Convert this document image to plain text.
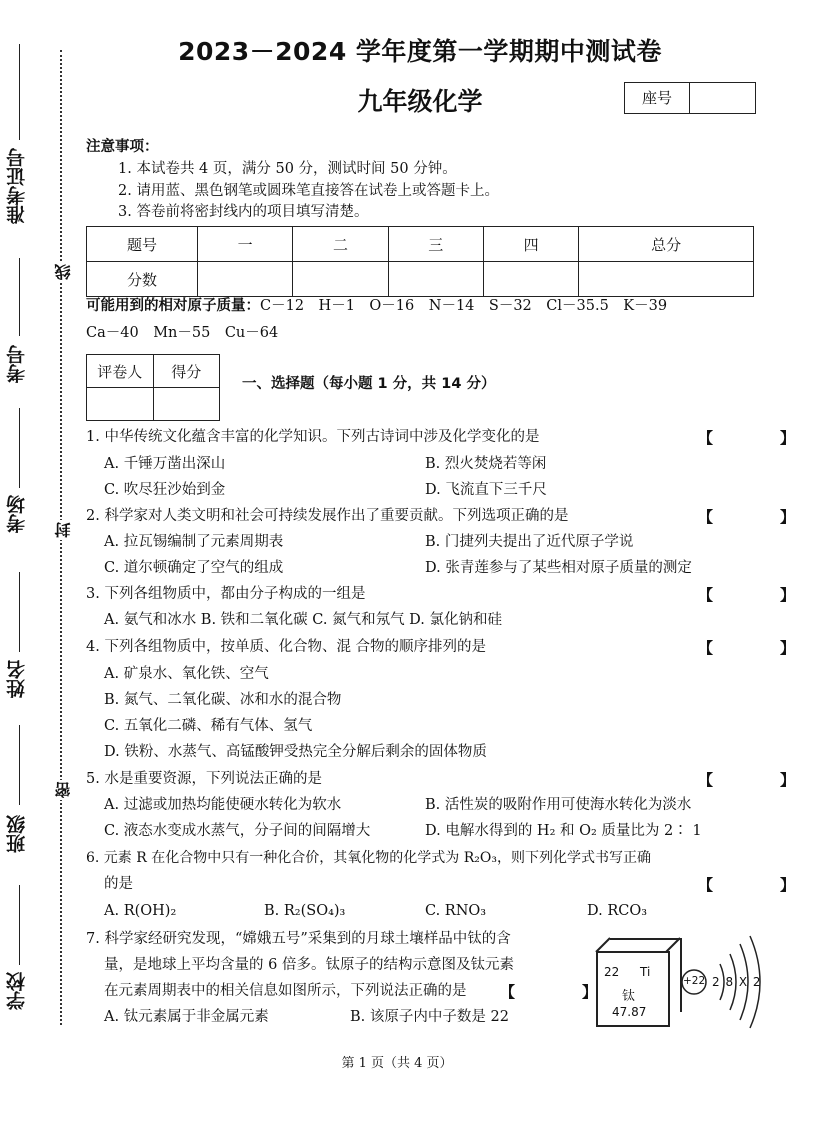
准考证号
考号
考场
姓名
班级
学校
线
封
密
2023－2024 学年度第一学期期中测试卷
九年级化学	座号
注意事项：
1. 本试卷共 4 页，满分 50 分，测试时间 50 分钟。
2. 请用蓝、黑色钢笔或圆珠笔直接答在试卷上或答题卡上。
3. 答卷前将密封线内的项目填写清楚。
题号	一	二	三	四	总分
分数					
可能用到的相对原子质量：C－12　H－1　O－16　N－14　S－32　Cl－35.5　K－39
Ca－40　Mn－55　Cu－64
评卷人	得分

一、选择题（每小题 1 分，共 14 分）
1. 中华传统文化蕴含丰富的化学知识。下列古诗词中涉及化学变化的是	【　】
A. 千锤万凿出深山	B. 烈火焚烧若等闲
C. 吹尽狂沙始到金	D. 飞流直下三千尺
2. 科学家对人类文明和社会可持续发展作出了重要贡献。下列选项正确的是	【　】
A. 拉瓦锡编制了元素周期表	B. 门捷列夫提出了近代原子学说
C. 道尔顿确定了空气的组成	D. 张青莲参与了某些相对原子质量的测定
3. 下列各组物质中，都由分子构成的一组是	【　】
A. 氨气和冰水 B. 铁和二氧化碳 C. 氮气和氖气 D. 氯化钠和硅
4. 下列各组物质中，按单质、化合物、混 合物的顺序排列的是	【　】
A. 矿泉水、氧化铁、空气
B. 氮气、二氧化碳、冰和水的混合物
C. 五氧化二磷、稀有气体、氢气
D. 铁粉、水蒸气、高锰酸钾受热完全分解后剩余的固体物质
5. 水是重要资源，下列说法正确的是	【　】
A. 过滤或加热均能使硬水转化为软水	B. 活性炭的吸附作用可使海水转化为淡水
C. 液态水变成水蒸气，分子间的间隔增大	D. 电解水得到的 H₂ 和 O₂ 质量比为 2∶ 1
6. 元素 R 在化合物中只有一种化合价，其氧化物的化学式为 R₂O₃，则下列化学式书写正确
的是	【　】
A. R(OH)₂	B. R₂(SO₄)₃	C. RNO₃	D. RCO₃
7. 科学家经研究发现，“嫦娥五号”采集到的月球土壤样品中钛的含
量，是地球上平均含量的 6 倍多。钛原子的结构示意图及钛元素
在元素周期表中的相关信息如图所示，下列说法正确的是 【　】
A. 钛元素属于非金属元素	B. 该原子内中子数是 22
22 Ti
钛
47.87
+22 2 8 X 2
第 1 页（共 4 页）
